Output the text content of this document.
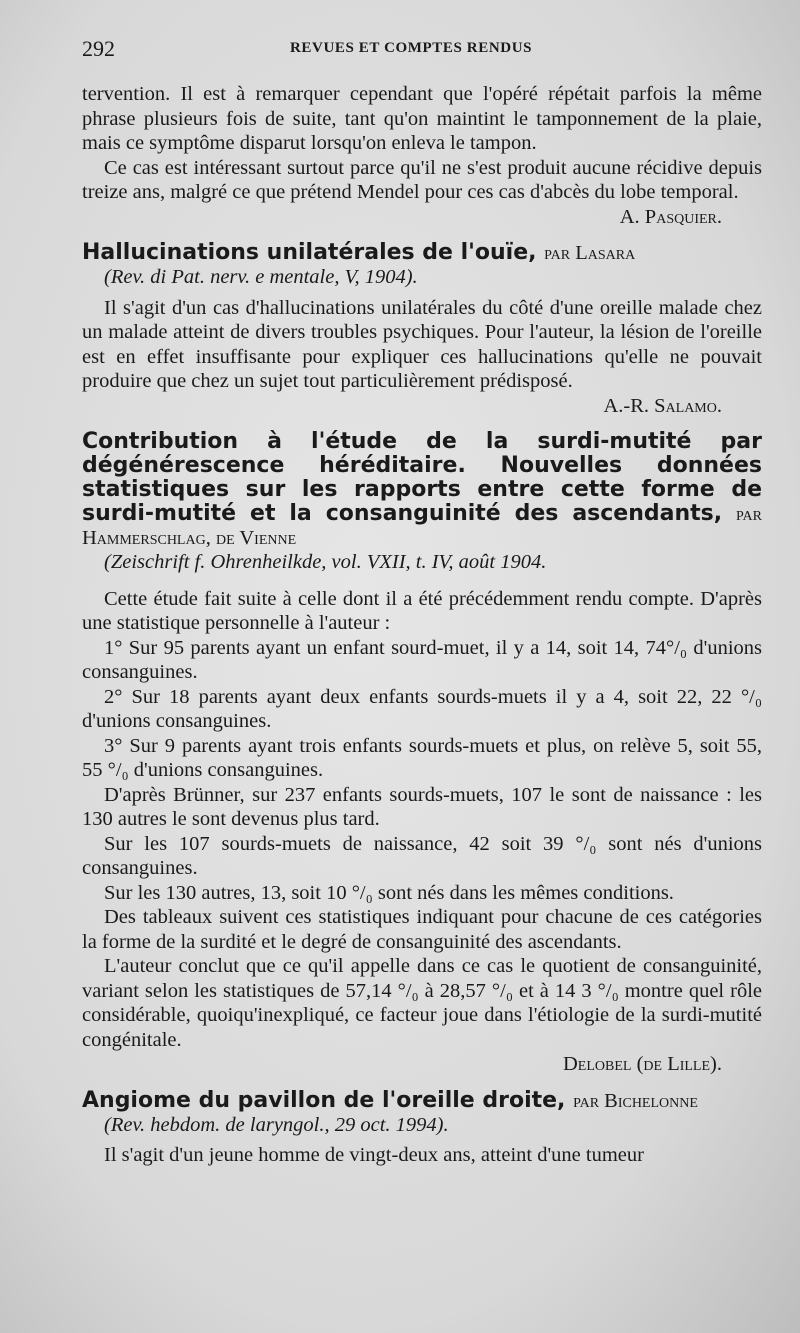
292	REVUES ET COMPTES RENDUS

tervention. Il est à remarquer cependant que l'opéré répétait parfois la même phrase plusieurs fois de suite, tant qu'on maintint le tamponnement de la plaie, mais ce symptôme disparut lorsqu'on enleva le tampon.

Ce cas est intéressant surtout parce qu'il ne s'est produit aucune récidive depuis treize ans, malgré ce que prétend Mendel pour ces cas d'abcès du lobe temporal.

A. Pasquier.
Hallucinations unilatérales de l'ouïe, par Lasara
(Rev. di Pat. nerv. e mentale, V, 1904).

Il s'agit d'un cas d'hallucinations unilatérales du côté d'une oreille malade chez un malade atteint de divers troubles psychiques. Pour l'auteur, la lésion de l'oreille est en effet insuffisante pour expliquer ces hallucinations qu'elle ne pouvait produire que chez un sujet tout particulièrement prédisposé.

A.-R. Salamo.
Contribution à l'étude de la surdi-mutité par dégénérescence héréditaire. Nouvelles données statistiques sur les rapports entre cette forme de surdi-mutité et la consanguinité des ascendants, par Hammerschlag, de Vienne
(Zeischrift f. Ohrenheilkde, vol. VXII, t. IV, août 1904.

Cette étude fait suite à celle dont il a été précédemment rendu compte. D'après une statistique personnelle à l'auteur :

1° Sur 95 parents ayant un enfant sourd-muet, il y a 14, soit 14, 74°/₀ d'unions consanguines.

2° Sur 18 parents ayant deux enfants sourds-muets il y a 4, soit 22, 22 °/₀ d'unions consanguines.

3° Sur 9 parents ayant trois enfants sourds-muets et plus, on relève 5, soit 55, 55 °/₀ d'unions consanguines.

D'après Brünner, sur 237 enfants sourds-muets, 107 le sont de naissance : les 130 autres le sont devenus plus tard.

Sur les 107 sourds-muets de naissance, 42 soit 39 °/₀ sont nés d'unions consanguines.

Sur les 130 autres, 13, soit 10 °/₀ sont nés dans les mêmes conditions.

Des tableaux suivent ces statistiques indiquant pour chacune de ces catégories la forme de la surdité et le degré de consanguinité des ascendants.

L'auteur conclut que ce qu'il appelle dans ce cas le quotient de consanguinité, variant selon les statistiques de 57,14 °/₀ à 28,57 °/₀ et à 14 3 °/₀ montre quel rôle considérable, quoiqu'inexpliqué, ce facteur joue dans l'étiologie de la surdi-mutité congénitale.

Delobel (de Lille).
Angiome du pavillon de l'oreille droite, par Bichelonne
(Rev. hebdom. de laryngol., 29 oct. 1994).

Il s'agit d'un jeune homme de vingt-deux ans, atteint d'une tumeur
